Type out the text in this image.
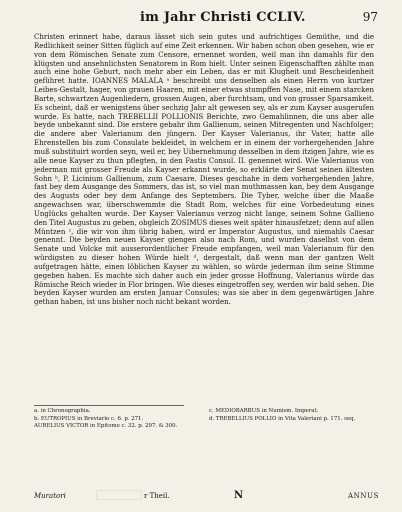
im Jahr Christi CCLIV.	97

Christen erinnert habe, daraus lässet sich sein gutes und aufrichtiges Gemüthe, und die Redlichkeit seiner Sitten füglich auf eine Zeit erkennen. Wir haben schon oben gesehen, wie er von dem Römischen Senate zum Censore, ernennet worden, weil man ihn damahls für den klügsten und ansehnlichsten Senatorem in Rom hielt. Unter seinen Eigenschafften zählte man auch eine hohe Geburt, noch mehr aber ein Leben, das er mit Klugheit und Bescheidenheit geführet hatte. IOANNES MALALA ᵃ beschreibt uns denselben als einen Herrn von kurtzer Leibes-Gestalt, hager, von grauen Haaren, mit einer etwas stumpffen Nase, mit einem starcken Barte, schwartzen Augenliedern, grossen Augen, aber furchtsam, und von grosser Sparsamkeit. Es scheint, daß er wenigstens über sechzig Jahr alt gewesen sey, als er zum Kayser ausgerufen wurde. Es hatte, nach TREBELLII POLLIONIS Berichte, zwo Gemahlinnen, die uns aber alle beyde unbekannt sind. Die erstere gebahr ihm Gallienum, seinen Mitregenten und Nachfolger; die andere aber Valerianum den jüngern. Der Kayser Valerianus, ihr Vater, hatte alle Ehrenstellen bis zum Consulate bekleidet, in welchem er in einem der vorhergehenden Jahre muß substituirt worden seyn, weil er, bey Uibernehmung desselben in dem itzigen Jahre, wie es alle neue Kayser zu thun pflegten, in den Fastis Consul. II. genennet wird. Wie Valerianus von jederman mit grosser Freude als Kayser erkannt wurde, so erklärte der Senat seinen ältesten Sohn ᵇ, P. Licinium Gallienum, zum Caesare. Dieses geschahe in dem vorhergehenden Jahre, fast bey dem Ausgange des Sommers, das ist, so viel man muthmassen kan, bey dem Ausgange des Augusts oder bey dem Anfange des Septembers. Die Tyber, welche über die Maaße angewachsen war, überschwemmte die Stadt Rom, welches für eine Vorbedeutung eines Unglücks gehalten wurde. Der Kayser Valerianus verzog nicht lange, seinem Sohne Gallieno den Titel Augustus zu geben, obgleich ZOSIMUS dieses weit später hinausfetzet; denn auf allen Müntzen ᶜ, die wir von ihm übrig haben, wird er Imperator Augustus, und niemahls Caesar genennt. Die beyden neuen Kayser giengen also nach Rom, und wurden daselbst von dem Senate und Volcke mit ausserordentlicher Freude empfangen, weil man Valerianum für den würdigsten zu dieser hohen Würde hielt ᵈ, dergestalt, daß wenn man der gantzen Welt aufgetragen hätte, einen löblichen Kayser zu wählen, so würde jederman ihm seine Stimme gegeben haben. Es machte sich daher auch ein jeder grosse Hoffnung, Valerianus würde das Römische Reich wieder in Flor bringen. Wie dieses eingetroffen sey, werden wir bald sehen. Die beyden Kayser wurden am ersten Januar Consules; was sie aber in dem gegenwärtigen Jahre gethan haben, ist uns bisher noch nicht bekant worden.

a. in Chronographia.
b. EUTROPIUS in Breviario c. 6. p. 271.
AURELIUS VICTOR in Epitome c. 32. p. 297. & 300.
c. MEDIOBARBUS in Numism. Imperat.
d. TREBELLIUS POLLIO in Vita Valeriani p. 171. seq.
Muratori	r Theil.	N	ANNUS
